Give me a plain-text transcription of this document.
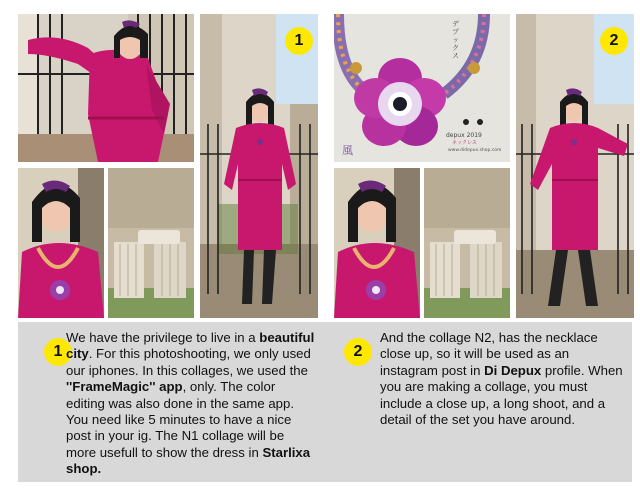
デプックス
depux 2019
ネックレス
www.didepux.shop.com
風
1	2
1

We have the privilege to live in a beautiful city. For this photoshooting, we only used our iphones. In this collages, we used the ''FrameMagic'' app, only. The color editing was also done in the same app. You need like 5 minutes to have a nice post in your ig. The N1 collage will be more usefull to show the dress in Starlixa shop.

2

And the collage N2, has the necklace close up, so it will be used as an instagram post in Di Depux profile. When you are making a collage, you must include a close up, a long shoot, and a detail of the set you have around.
